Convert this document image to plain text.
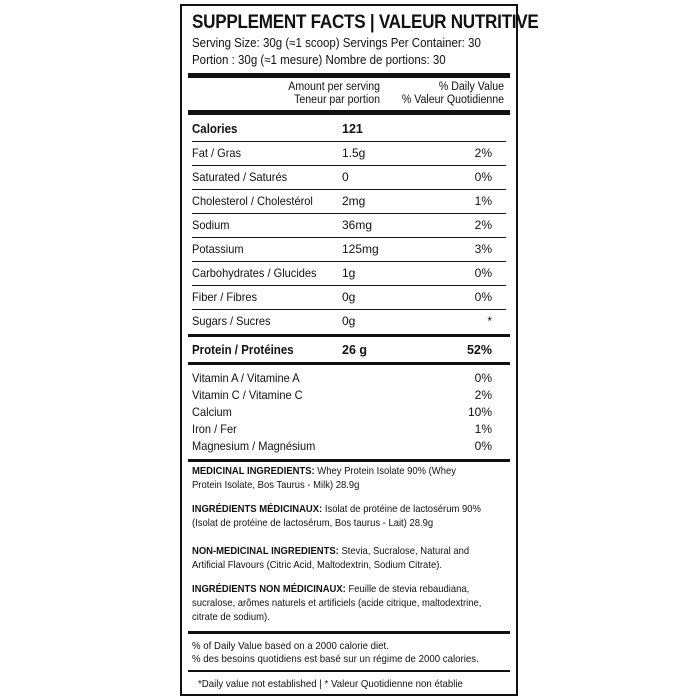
SUPPLEMENT FACTS | VALEUR NUTRITIVE
Serving Size: 30g (≈1 scoop) Servings Per Container: 30
Portion : 30g (≈1 mesure) Nombre de portions: 30
Amount per serving
Teneur par portion
% Daily Value
% Valeur Quotidienne
Calories	121
Fat / Gras	1.5g	2%
Saturated / Saturés	0	0%
Cholesterol / Cholestérol 2mg	1%
Sodium	36mg	2%
Potassium	125mg	3%
Carbohydrates / Glucides 1g	0%
Fiber / Fibres	0g	0%
Sugars / Sucres	0g	*
Protein / Protéines	26 g	52%
Vitamin A / Vitamine A	0%
Vitamin C / Vitamine C	2%
Calcium	10%
Iron / Fer	1%
Magnesium / Magnésium	0%
MEDICINAL INGREDIENTS: Whey Protein Isolate 90% (Whey Protein Isolate, Bos Taurus - Milk) 28.9g
INGRÉDIENTS MÉDICINAUX: Isolat de protéine de lactosérum 90% (Isolat de protéine de lactosérum, Bos taurus - Lait) 28.9g
NON-MEDICINAL INGREDIENTS: Stevia, Sucralose, Natural and Artificial Flavours (Citric Acid, Maltodextrin, Sodium Citrate).
INGRÉDIENTS NON MÉDICINAUX: Feuille de stevia rebaudiana, sucralose, arômes naturels et artificiels (acide citrique, maltodextrine, citrate de sodium).
% of Daily Value based on a 2000 calorie diet.
% des besoins quotidiens est basé sur un régime de 2000 calories.
*Daily value not established | * Valeur Quotidienne non établie
